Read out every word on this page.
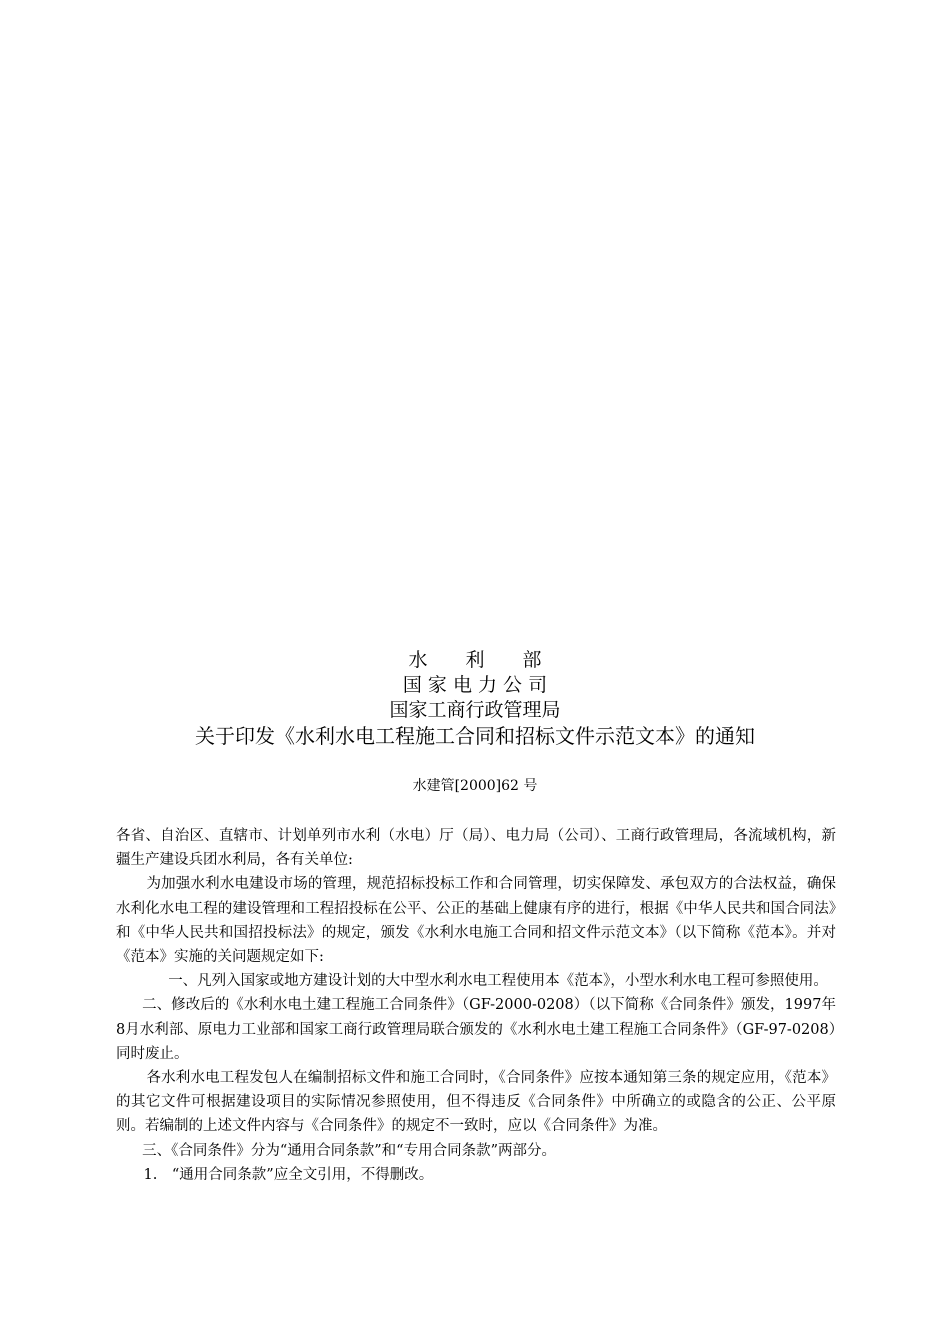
水　　利　　部

国 家 电 力 公 司

国家工商行政管理局

关于印发《水利水电工程施工合同和招标文件示范文本》的通知

水建管[2000]62 号

各省、自治区、直辖市、计划单列市水利（水电）厅（局）、电力局（公司）、工商行政管理局，各流域机构，新疆生产建设兵团水利局，各有关单位:

为加强水利水电建设市场的管理，规范招标投标工作和合同管理，切实保障发、承包双方的合法权益，确保水利化水电工程的建设管理和工程招投标在公平、公正的基础上健康有序的进行，根据《中华人民共和国合同法》和《中华人民共和国招投标法》的规定，颁发《水利水电施工合同和招文件示范文本》（以下简称《范本》。并对《范本》实施的关问题规定如下:

一、凡列入国家或地方建设计划的大中型水利水电工程使用本《范本》，小型水利水电工程可参照使用。

二、修改后的《水利水电土建工程施工合同条件》（GF-2000-0208）（以下简称《合同条件》颁发，1997年8月水利部、原电力工业部和国家工商行政管理局联合颁发的《水利水电土建工程施工合同条件》（GF-97-0208）同时废止。

各水利水电工程发包人在编制招标文件和施工合同时，《合同条件》应按本通知第三条的规定应用，《范本》的其它文件可根据建设项目的实际情况参照使用，但不得违反《合同条件》中所确立的或隐含的公正、公平原则。若编制的上述文件内容与《合同条件》的规定不一致时，应以《合同条件》为准。

三、《合同条件》分为“通用合同条款”和“专用合同条款”两部分。

1.　“通用合同条款”应全文引用，不得删改。
